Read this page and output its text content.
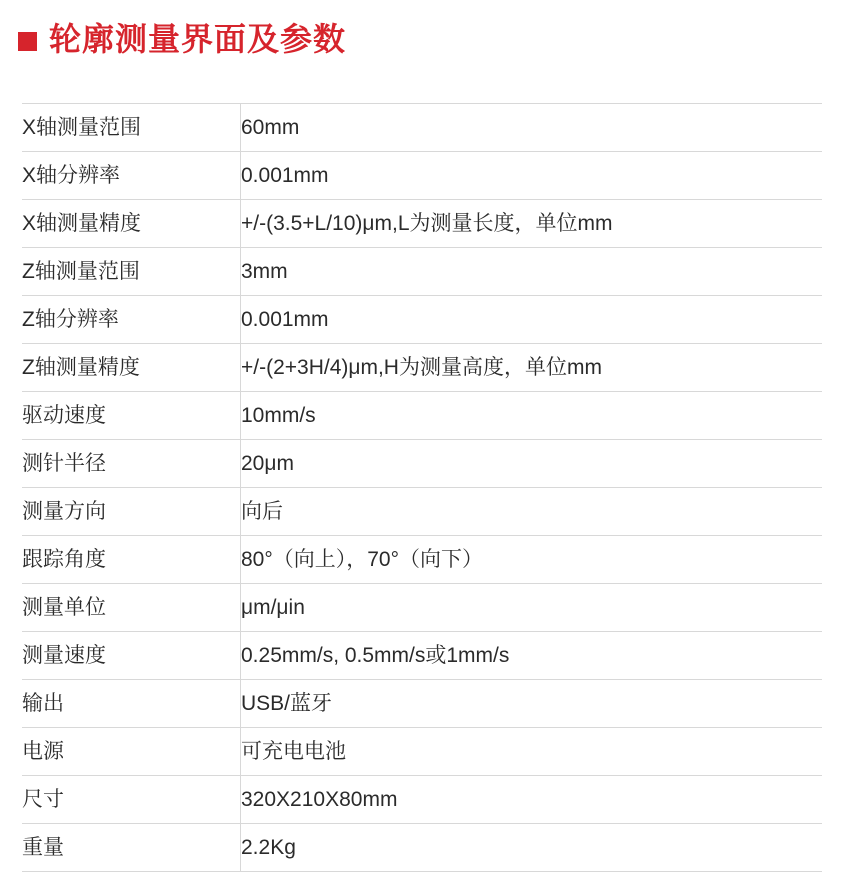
轮廓测量界面及参数
X轴测量范围	60mm
X轴分辨率	0.001mm
X轴测量精度	+/-(3.5+L/10)μm,L为测量长度，单位mm
Z轴测量范围	3mm
Z轴分辨率	0.001mm
Z轴测量精度	+/-(2+3H/4)μm,H为测量高度，单位mm
驱动速度	10mm/s
测针半径	20μm
测量方向	向后
跟踪角度	80°（向上），70°（向下）
测量单位	μm/μin
测量速度	0.25mm/s, 0.5mm/s或1mm/s
输出	USB/蓝牙
电源	可充电电池
尺寸	320X210X80mm
重量	2.2Kg
